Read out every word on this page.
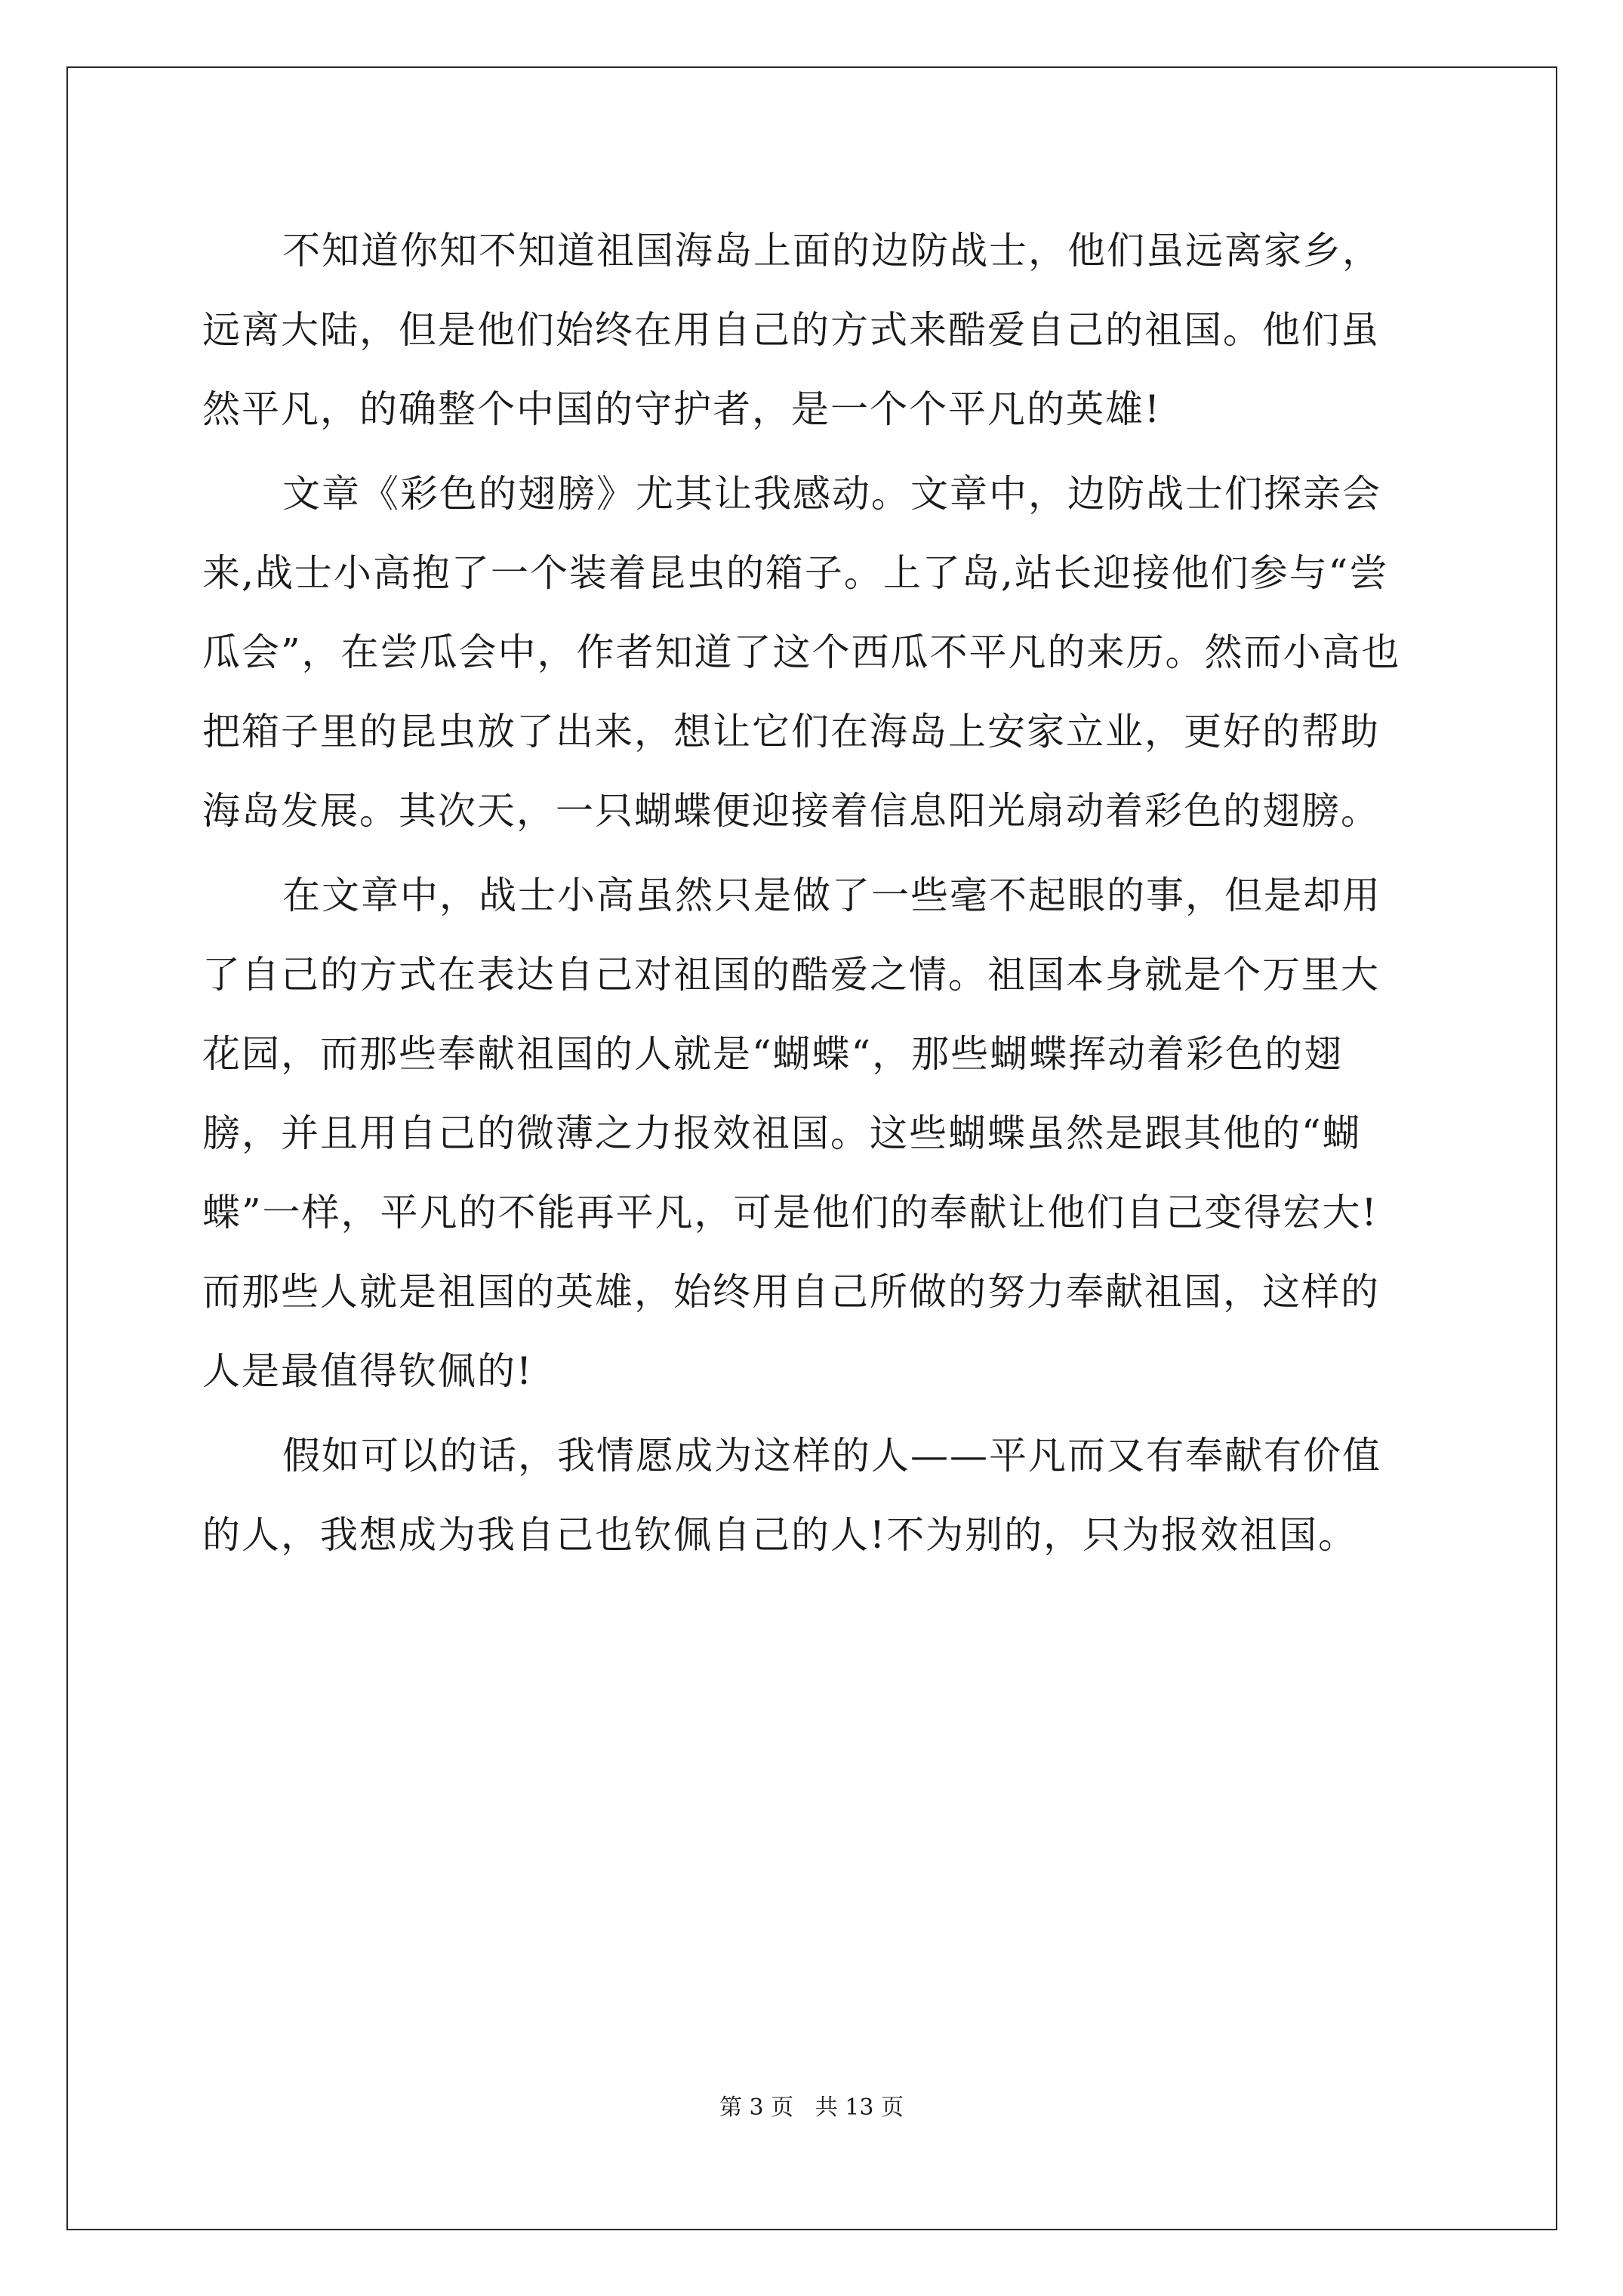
不知道你知不知道祖国海岛上面的边防战士，他们虽远离家乡，
远离大陆，但是他们始终在用自己的方式来酷爱自己的祖国。他们虽
然平凡，的确整个中国的守护者，是一个个平凡的英雄!
文章《彩色的翅膀》尤其让我感动。文章中，边防战士们探亲会
来,战士小高抱了一个装着昆虫的箱子。上了岛,站长迎接他们参与“尝
瓜会”，在尝瓜会中，作者知道了这个西瓜不平凡的来历。然而小高也
把箱子里的昆虫放了出来，想让它们在海岛上安家立业，更好的帮助
海岛发展。其次天，一只蝴蝶便迎接着信息阳光扇动着彩色的翅膀。
在文章中，战士小高虽然只是做了一些毫不起眼的事，但是却用
了自己的方式在表达自己对祖国的酷爱之情。祖国本身就是个万里大
花园，而那些奉献祖国的人就是“蝴蝶“，那些蝴蝶挥动着彩色的翅
膀，并且用自己的微薄之力报效祖国。这些蝴蝶虽然是跟其他的“蝴
蝶”一样，平凡的不能再平凡，可是他们的奉献让他们自己变得宏大!
而那些人就是祖国的英雄，始终用自己所做的努力奉献祖国，这样的
人是最值得钦佩的!
假如可以的话，我情愿成为这样的人——平凡而又有奉献有价值
的人，我想成为我自己也钦佩自己的人!不为别的，只为报效祖国。
第 3 页 共 13 页
